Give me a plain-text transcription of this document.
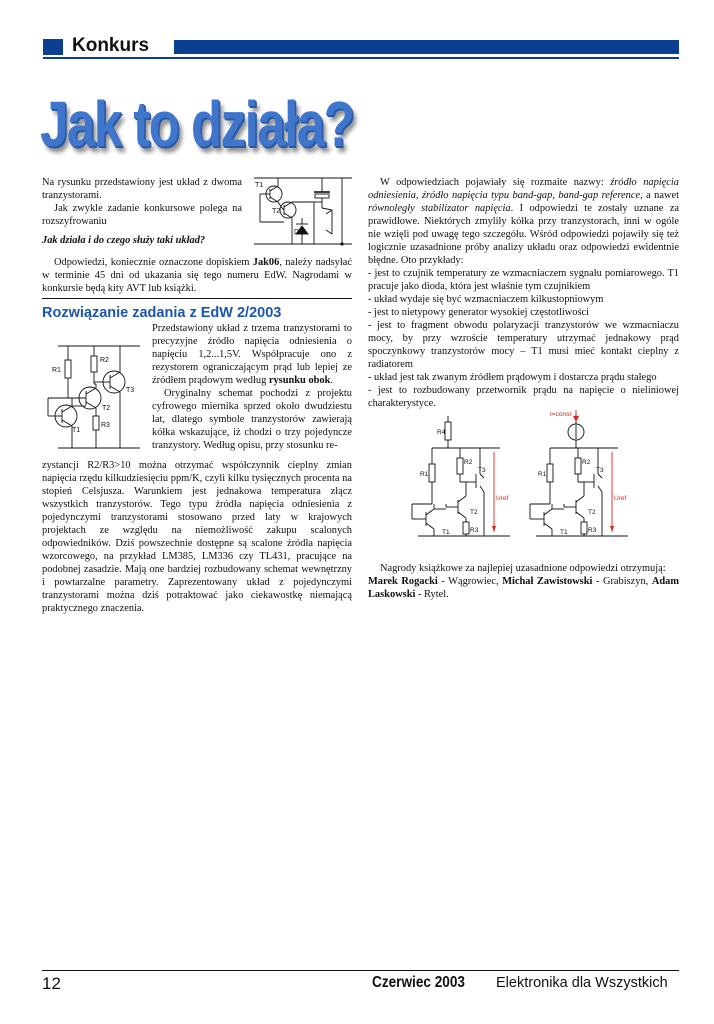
Konkurs
Jak to działa?

Na rysunku przedstawiony jest układ z dwoma tranzystorami.

Jak zwykle zadanie konkursowe polega na rozszyfrowaniu

Jak działa i do czego służy taki układ?
T1
T2
D

Odpowiedzi, koniecznie oznaczone dopiskiem Jak06, należy nadsyłać w terminie 45 dni od ukazania się tego numeru EdW. Nagrodami w konkursie będą kity AVT lub książki.

Rozwiązanie zadania z EdW 2/2003
R1
R2
R3
T1
T2
T3

Przedstawiony układ z trzema tranzystorami to precyzyjne źródło napięcia odniesienia o napięciu 1,2...1,5V. Współpracuje ono z rezystorem ograniczającym prąd lub lepiej ze źródłem prądowym według rysunku obok.

Oryginalny schemat pochodzi z projektu cyfrowego miernika sprzed około dwudziestu lat, dlatego symbole tranzystorów zawierają kółka wskazujące, iż chodzi o trzy pojedyncze tranzystory. Według opisu, przy stosunku re-

zystancji R2/R3>10 można otrzymać współczynnik cieplny zmian napięcia rzędu kilkudziesięciu ppm/K, czyli kilku tysięcznych procenta na stopień Celsjusza. Warunkiem jest jednakowa temperatura złącz wszystkich tranzystorów. Tego typu źródła napięcia odniesienia z pojedynczymi tranzystorami stosowano przed laty w krajowych projektach ze względu na niemożliwość zakupu scalonych odpowiedników. Dziś powszechnie dostępne są scalone źródła napięcia wzorcowego, na przykład LM385, LM336 czy TL431, pracujące na podobnej zasadzie. Mają one bardziej rozbudowany schemat wewnętrzny i powtarzalne parametry. Zaprezentowany układ z pojedynczymi tranzystorami można dziś potraktować jako ciekawostkę niemającą praktycznego znaczenia.

W odpowiedziach pojawiały się rozmaite nazwy: źródło napięcia odniesienia, źródło napięcia typu band-gap, band-gap reference, a nawet równoległy stabilizator napięcia. I odpowiedzi te zostały uznane za prawidłowe. Niektórych zmyliły kółka przy tranzystorach, inni w ogóle nie wzięli pod uwagę tego szczegółu. Wśród odpowiedzi pojawiły się też logicznie uzasadnione próby analizy układu oraz odpowiedzi ewidentnie błędne. Oto przykłady:

- jest to czujnik temperatury ze wzmacniaczem sygnału pomiarowego. T1 pracuje jako dioda, która jest właśnie tym czujnikiem

- układ wydaje się być wzmacniaczem kilkustopniowym

- jest to nietypowy generator wysokiej częstotliwości

- jest to fragment obwodu polaryzacji tranzystorów we wzmacniaczu mocy, by przy wzroście temperatury utrzymać jednakowy prąd spoczynkowy tranzystorów mocy – T1 musi mieć kontakt cieplny z radiatorem

- układ jest tak zwanym źródłem prądowym i dostarcza prądu stałego

- jest to rozbudowany przetwornik prądu na napięcie o nieliniowej charakterystyce.

R4
R1
R2
R3
T1
T2
T3
Uref
I=const
R1
R2
R3
T1
T2
T3
Uref

Nagrody książkowe za najlepiej uzasadnione odpowiedzi otrzymują:

Marek Rogacki - Wągrowiec, Michał Zawistowski - Grabiszyn, Adam Laskowski - Rytel.

12	Czerwiec 2003 Elektronika dla Wszystkich
